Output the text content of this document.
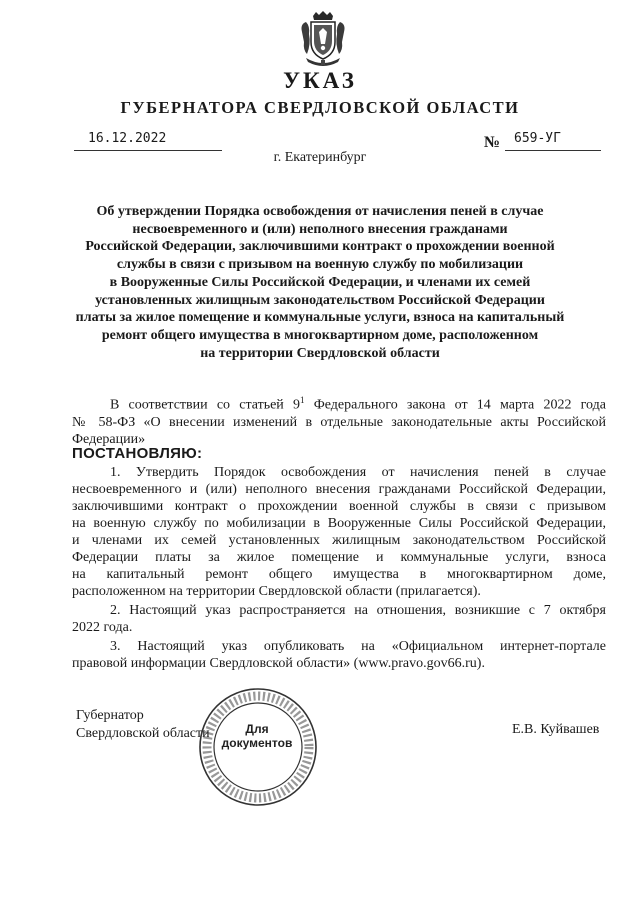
УКАЗ
ГУБЕРНАТОРА СВЕРДЛОВСКОЙ ОБЛАСТИ
16.12.2022	№ 659-УГ
г. Екатеринбург
Об утверждении Порядка освобождения от начисления пеней в случае
несвоевременного и (или) неполного внесения гражданами
Российской Федерации, заключившими контракт о прохождении военной
службы в связи с призывом на военную службу по мобилизации
в Вооруженные Силы Российской Федерации, и членами их семей
установленных жилищным законодательством Российской Федерации
платы за жилое помещение и коммунальные услуги, взноса на капитальный
ремонт общего имущества в многоквартирном доме, расположенном
на территории Свердловской области
В соответствии со статьей $9^1$ Федерального закона от 14 марта 2022 года
№ 58-ФЗ «О внесении изменений в отдельные законодательные акты Российской
Федерации»
ПОСТАНОВЛЯЮ:
1. Утвердить Порядок освобождения от начисления пеней в случае
несвоевременного и (или) неполного внесения гражданами Российской Федерации,
заключившими контракт о прохождении военной службы в связи с призывом
на военную службу по мобилизации в Вооруженные Силы Российской Федерации,
и членами их семей установленных жилищным законодательством Российской
Федерации платы за жилое помещение и коммунальные услуги, взноса
на капитальный ремонт общего имущества в многоквартирном доме,
расположенном на территории Свердловской области (прилагается).
2. Настоящий указ распространяется на отношения, возникшие с 7 октября
2022 года.
3. Настоящий указ опубликовать на «Официальном интернет-портале
правовой информации Свердловской области» (www.pravo.gov66.ru).
Губернатор
Свердловской области	Е.В. Куйвашев
Для
документов
